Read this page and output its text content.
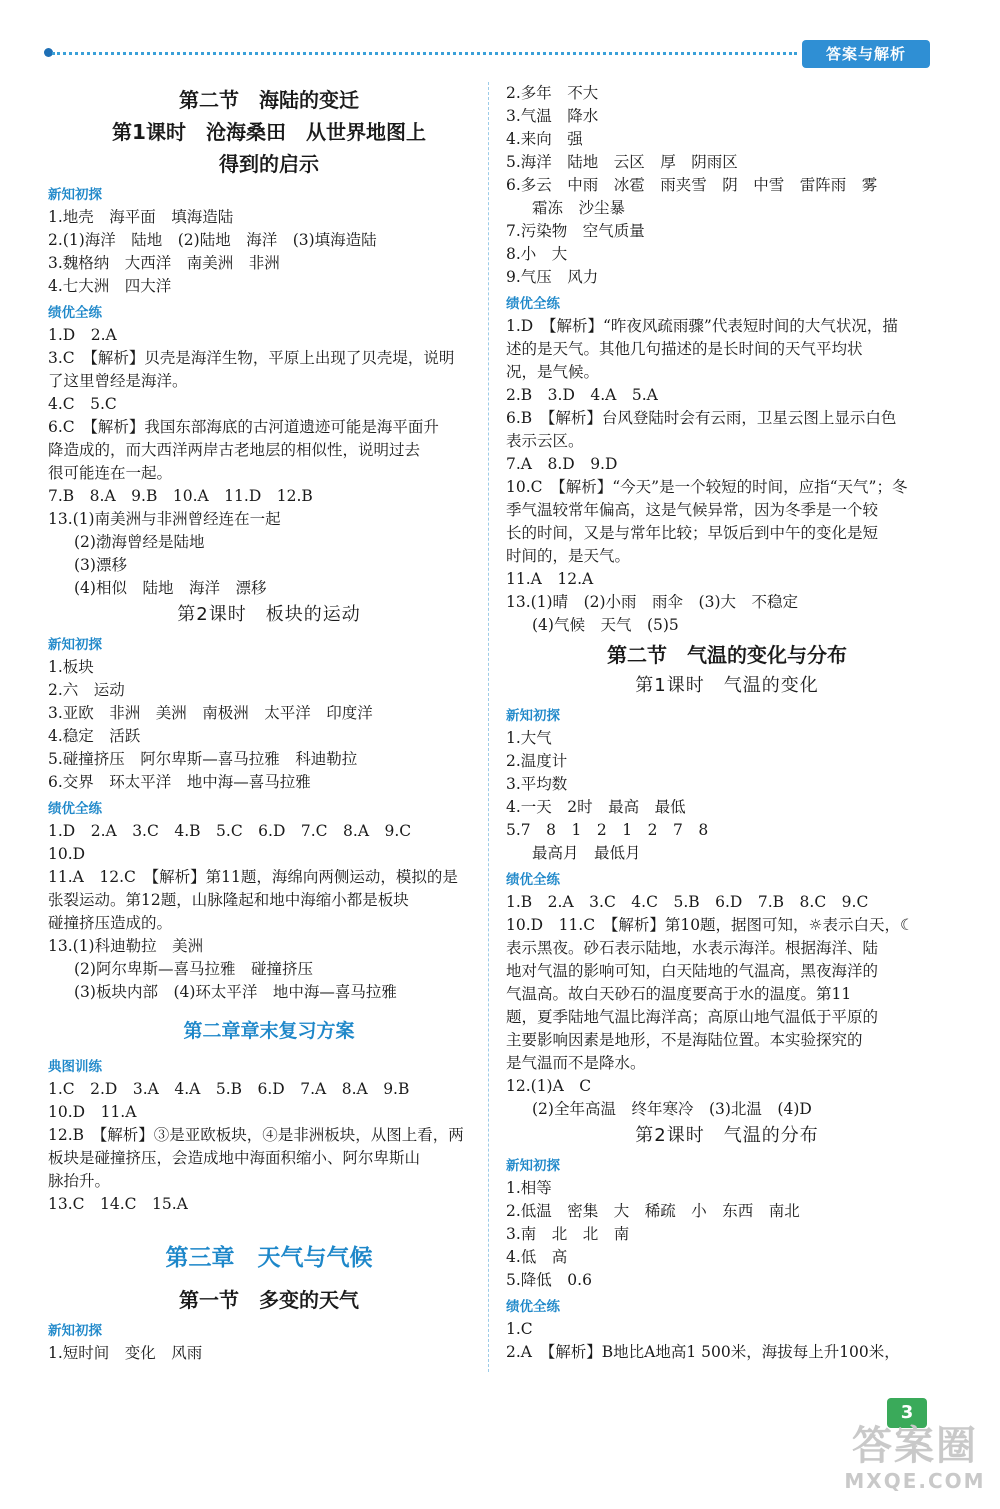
答案与解析
第二节　海陆的变迁
第1课时　沧海桑田　从世界地图上
得到的启示
新知初探
1.地壳　海平面　填海造陆
2.(1)海洋　陆地　(2)陆地　海洋　(3)填海造陆
3.魏格纳　大西洋　南美洲　非洲
4.七大洲　四大洋
绩优全练
1.D　2.A
3.C　【解析】贝壳是海洋生物，平原上出现了贝壳堤，说明
了这里曾经是海洋。
4.C　5.C
6.C　【解析】我国东部海底的古河道遗迹可能是海平面升
降造成的，而大西洋两岸古老地层的相似性，说明过去
很可能连在一起。
7.B　8.A　9.B　10.A　11.D　12.B
13.(1)南美洲与非洲曾经连在一起
(2)渤海曾经是陆地
(3)漂移
(4)相似　陆地　海洋　漂移
第2课时　板块的运动
新知初探
1.板块
2.六　运动
3.亚欧　非洲　美洲　南极洲　太平洋　印度洋
4.稳定　活跃
5.碰撞挤压　阿尔卑斯—喜马拉雅　科迪勒拉
6.交界　环太平洋　地中海—喜马拉雅
绩优全练
1.D　2.A　3.C　4.B　5.C　6.D　7.C　8.A　9.C
10.D
11.A　12.C　【解析】第11题，海绵向两侧运动，模拟的是
张裂运动。第12题，山脉隆起和地中海缩小都是板块
碰撞挤压造成的。
13.(1)科迪勒拉　美洲
(2)阿尔卑斯—喜马拉雅　碰撞挤压
(3)板块内部　(4)环太平洋　地中海—喜马拉雅
第二章章末复习方案
典图训练
1.C　2.D　3.A　4.A　5.B　6.D　7.A　8.A　9.B
10.D　11.A
12.B　【解析】③是亚欧板块，④是非洲板块，从图上看，两
板块是碰撞挤压，会造成地中海面积缩小、阿尔卑斯山
脉抬升。
13.C　14.C　15.A
第三章　天气与气候
第一节　多变的天气
新知初探
1.短时间　变化　风雨
2.多年　不大
3.气温　降水
4.来向　强
5.海洋　陆地　云区　厚　阴雨区
6.多云　中雨　冰雹　雨夹雪　阴　中雪　雷阵雨　雾
霜冻　沙尘暴
7.污染物　空气质量
8.小　大
9.气压　风力
绩优全练
1.D　【解析】“昨夜风疏雨骤”代表短时间的大气状况，描
述的是天气。其他几句描述的是长时间的天气平均状
况，是气候。
2.B　3.D　4.A　5.A
6.B　【解析】台风登陆时会有云雨，卫星云图上显示白色
表示云区。
7.A　8.D　9.D
10.C　【解析】“今天”是一个较短的时间，应指“天气”；冬
季气温较常年偏高，这是气候异常，因为冬季是一个较
长的时间，又是与常年比较；早饭后到中午的变化是短
时间的，是天气。
11.A　12.A
13.(1)晴　(2)小雨　雨伞　(3)大　不稳定
(4)气候　天气　(5)5
第二节　气温的变化与分布
第1课时　气温的变化
新知初探
1.大气
2.温度计
3.平均数
4.一天　2时　最高　最低
5.7　8　1　2　1　2　7　8
最高月　最低月
绩优全练
1.B　2.A　3.C　4.C　5.B　6.D　7.B　8.C　9.C
10.D　11.C　【解析】第10题，据图可知，☼表示白天，☾
表示黑夜。砂石表示陆地，水表示海洋。根据海洋、陆
地对气温的影响可知，白天陆地的气温高，黑夜海洋的
气温高。故白天砂石的温度要高于水的温度。第11
题，夏季陆地气温比海洋高；高原山地气温低于平原的
主要影响因素是地形，不是海陆位置。本实验探究的
是气温而不是降水。
12.(1)A　C
(2)全年高温　终年寒冷　(3)北温　(4)D
第2课时　气温的分布
新知初探
1.相等
2.低温　密集　大　稀疏　小　东西　南北
3.南　北　北　南
4.低　高
5.降低　0.6
绩优全练
1.C
2.A　【解析】B地比A地高1 500米，海拔每上升100米，
3
答案圈
MXQE.COM
